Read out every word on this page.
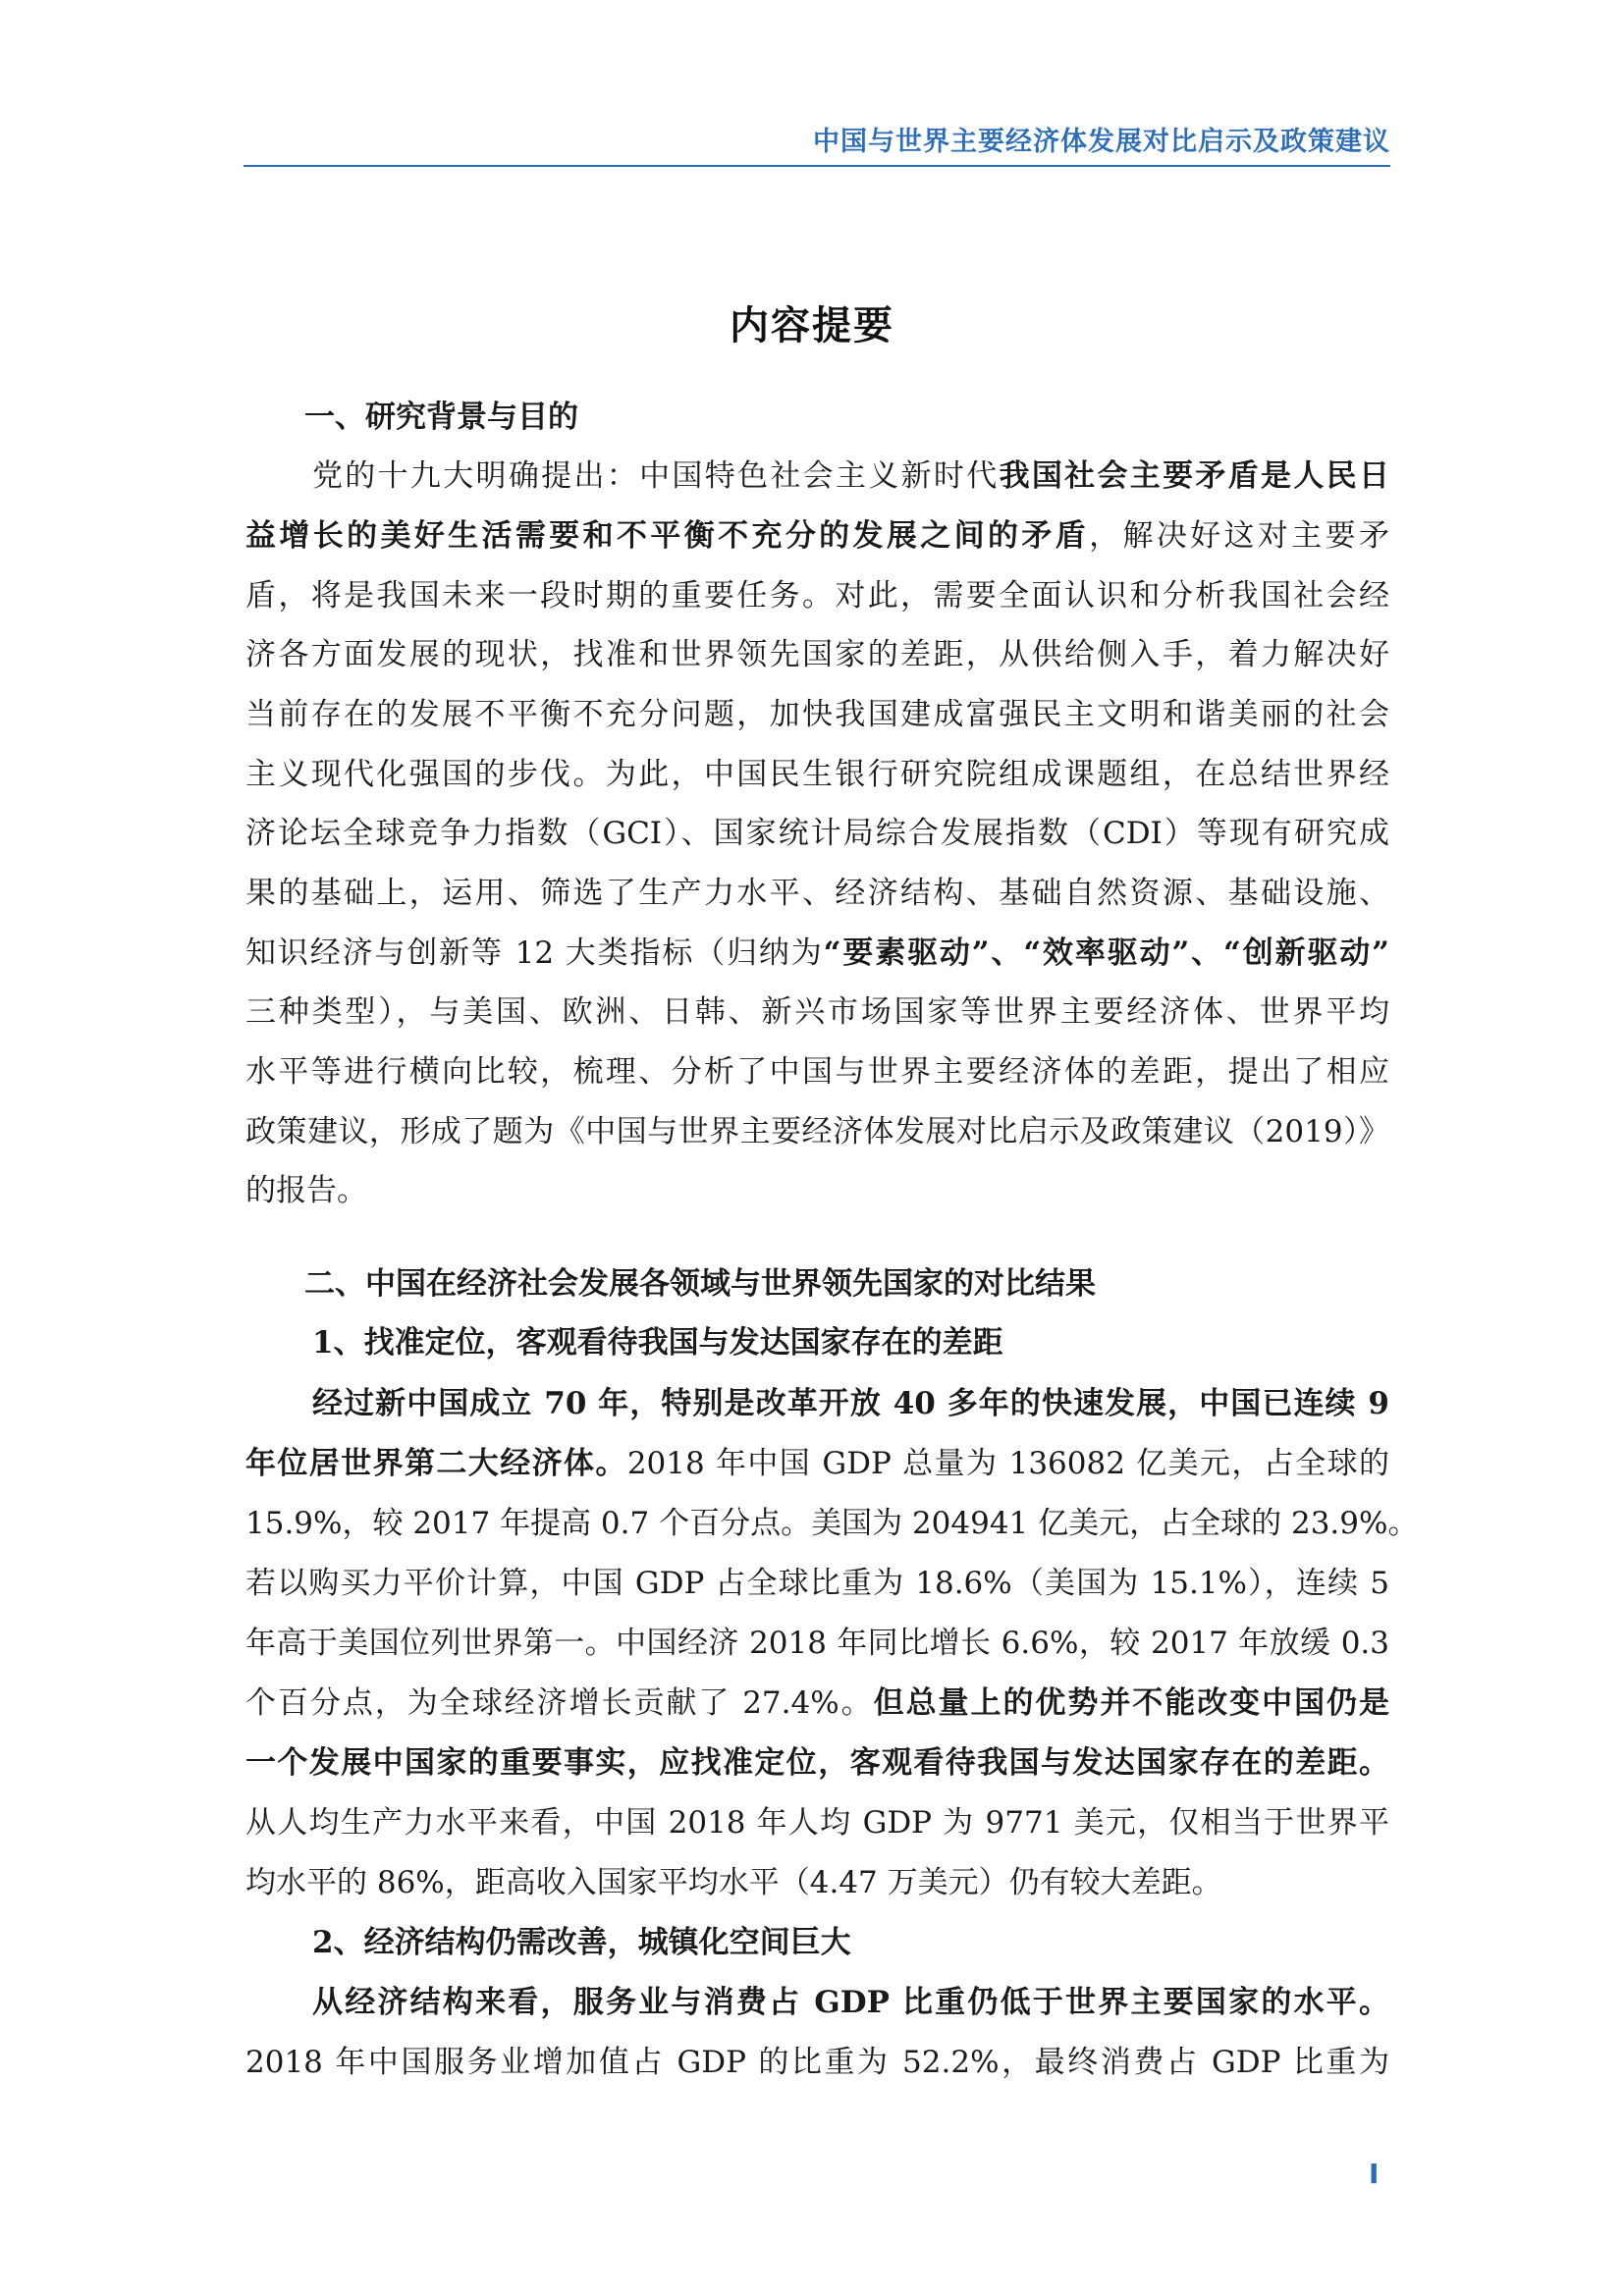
中国与世界主要经济体发展对比启示及政策建议
内容提要
一、研究背景与目的
党的十九大明确提出：中国特色社会主义新时代我国社会主要矛盾是人民日
益增长的美好生活需要和不平衡不充分的发展之间的矛盾，解决好这对主要矛
盾，将是我国未来一段时期的重要任务。对此，需要全面认识和分析我国社会经
济各方面发展的现状，找准和世界领先国家的差距，从供给侧入手，着力解决好
当前存在的发展不平衡不充分问题，加快我国建成富强民主文明和谐美丽的社会
主义现代化强国的步伐。为此，中国民生银行研究院组成课题组，在总结世界经
济论坛全球竞争力指数（GCI）、国家统计局综合发展指数（CDI）等现有研究成
果的基础上，运用、筛选了生产力水平、经济结构、基础自然资源、基础设施、
知识经济与创新等 12 大类指标（归纳为“要素驱动”、“效率驱动”、“创新驱动”
三种类型），与美国、欧洲、日韩、新兴市场国家等世界主要经济体、世界平均
水平等进行横向比较，梳理、分析了中国与世界主要经济体的差距，提出了相应
政策建议，形成了题为《中国与世界主要经济体发展对比启示及政策建议（2019）》
的报告。
二、中国在经济社会发展各领域与世界领先国家的对比结果
1、找准定位，客观看待我国与发达国家存在的差距
经过新中国成立 70 年，特别是改革开放 40 多年的快速发展，中国已连续 9
年位居世界第二大经济体。2018 年中国 GDP 总量为 136082 亿美元，占全球的
15.9%，较 2017 年提高 0.7 个百分点。美国为 204941 亿美元，占全球的 23.9%。
若以购买力平价计算，中国 GDP 占全球比重为 18.6%（美国为 15.1%），连续 5
年高于美国位列世界第一。中国经济 2018 年同比增长 6.6%，较 2017 年放缓 0.3
个百分点，为全球经济增长贡献了 27.4%。但总量上的优势并不能改变中国仍是
一个发展中国家的重要事实，应找准定位，客观看待我国与发达国家存在的差距。
从人均生产力水平来看，中国 2018 年人均 GDP 为 9771 美元，仅相当于世界平
均水平的 86%，距高收入国家平均水平（4.47 万美元）仍有较大差距。
2、经济结构仍需改善，城镇化空间巨大
从经济结构来看，服务业与消费占 GDP 比重仍低于世界主要国家的水平。
2018 年中国服务业增加值占 GDP 的比重为 52.2%，最终消费占 GDP 比重为
I
